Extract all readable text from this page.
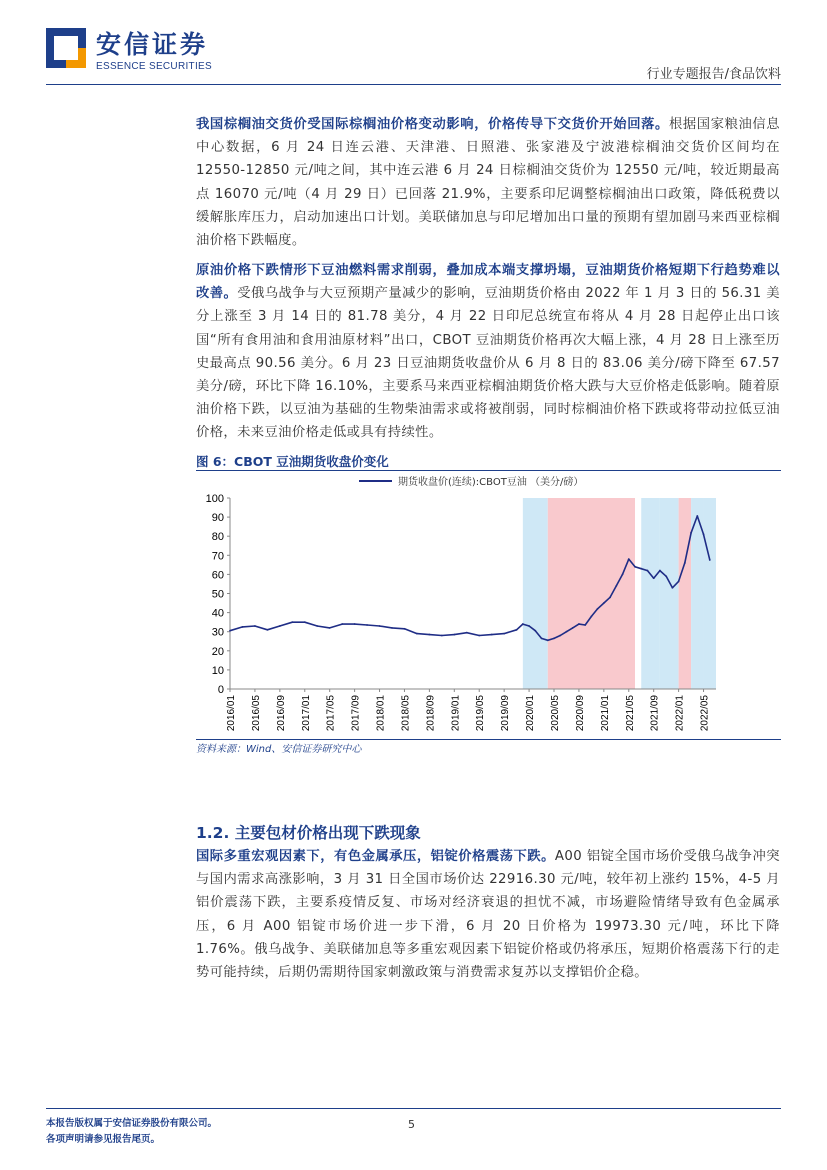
安信证券
ESSENCE SECURITIES
行业专题报告/食品饮料
我国棕榈油交货价受国际棕榈油价格变动影响，价格传导下交货价开始回落。根据国家粮油信息中心数据，6 月 24 日连云港、天津港、日照港、张家港及宁波港棕榈油交货价区间均在 12550-12850 元/吨之间，其中连云港 6 月 24 日棕榈油交货价为 12550 元/吨，较近期最高点 16070 元/吨（4 月 29 日）已回落 21.9%，主要系印尼调整棕榈油出口政策，降低税费以缓解胀库压力，启动加速出口计划。美联储加息与印尼增加出口量的预期有望加剧马来西亚棕榈油价格下跌幅度。
原油价格下跌情形下豆油燃料需求削弱，叠加成本端支撑坍塌，豆油期货价格短期下行趋势难以改善。受俄乌战争与大豆预期产量减少的影响，豆油期货价格由 2022 年 1 月 3 日的 56.31 美分上涨至 3 月 14 日的 81.78 美分，4 月 22 日印尼总统宣布将从 4 月 28 日起停止出口该国“所有食用油和食用油原材料”出口，CBOT 豆油期货价格再次大幅上涨，4 月 28 日上涨至历史最高点 90.56 美分。6 月 23 日豆油期货收盘价从 6 月 8 日的 83.06 美分/磅下降至 67.57 美分/磅，环比下降 16.10%，主要系马来西亚棕榈油期货价格大跌与大豆价格走低影响。随着原油价格下跌，以豆油为基础的生物柴油需求或将被削弱，同时棕榈油价格下跌或将带动拉低豆油价格，未来豆油价格走低或具有持续性。
图 6：CBOT 豆油期货收盘价变化
0
10
20
30
40
50
60
70
80
90
100
2016/01 2016/05 2016/09 2017/01 2017/05 2017/09 2018/01 2018/05 2018/09 2019/01 2019/05 2019/09 2020/01 2020/05 2020/09 2021/01 2021/05 2021/09 2022/01 2022/05
期货收盘价(连续):CBOT豆油 （美分/磅）
资料来源：Wind、安信证券研究中心
1.2. 主要包材价格出现下跌现象
国际多重宏观因素下，有色金属承压，铝锭价格震荡下跌。A00 铝锭全国市场价受俄乌战争冲突与国内需求高涨影响，3 月 31 日全国市场价达 22916.30 元/吨，较年初上涨约 15%，4-5 月铝价震荡下跌，主要系疫情反复、市场对经济衰退的担忧不减，市场避险情绪导致有色金属承压，6 月 A00 铝锭市场价进一步下滑，6 月 20 日价格为 19973.30 元/吨，环比下降 1.76%。俄乌战争、美联储加息等多重宏观因素下铝锭价格或仍将承压，短期价格震荡下行的走势可能持续，后期仍需期待国家刺激政策与消费需求复苏以支撑铝价企稳。
本报告版权属于安信证券股份有限公司。
各项声明请参见报告尾页。
5
